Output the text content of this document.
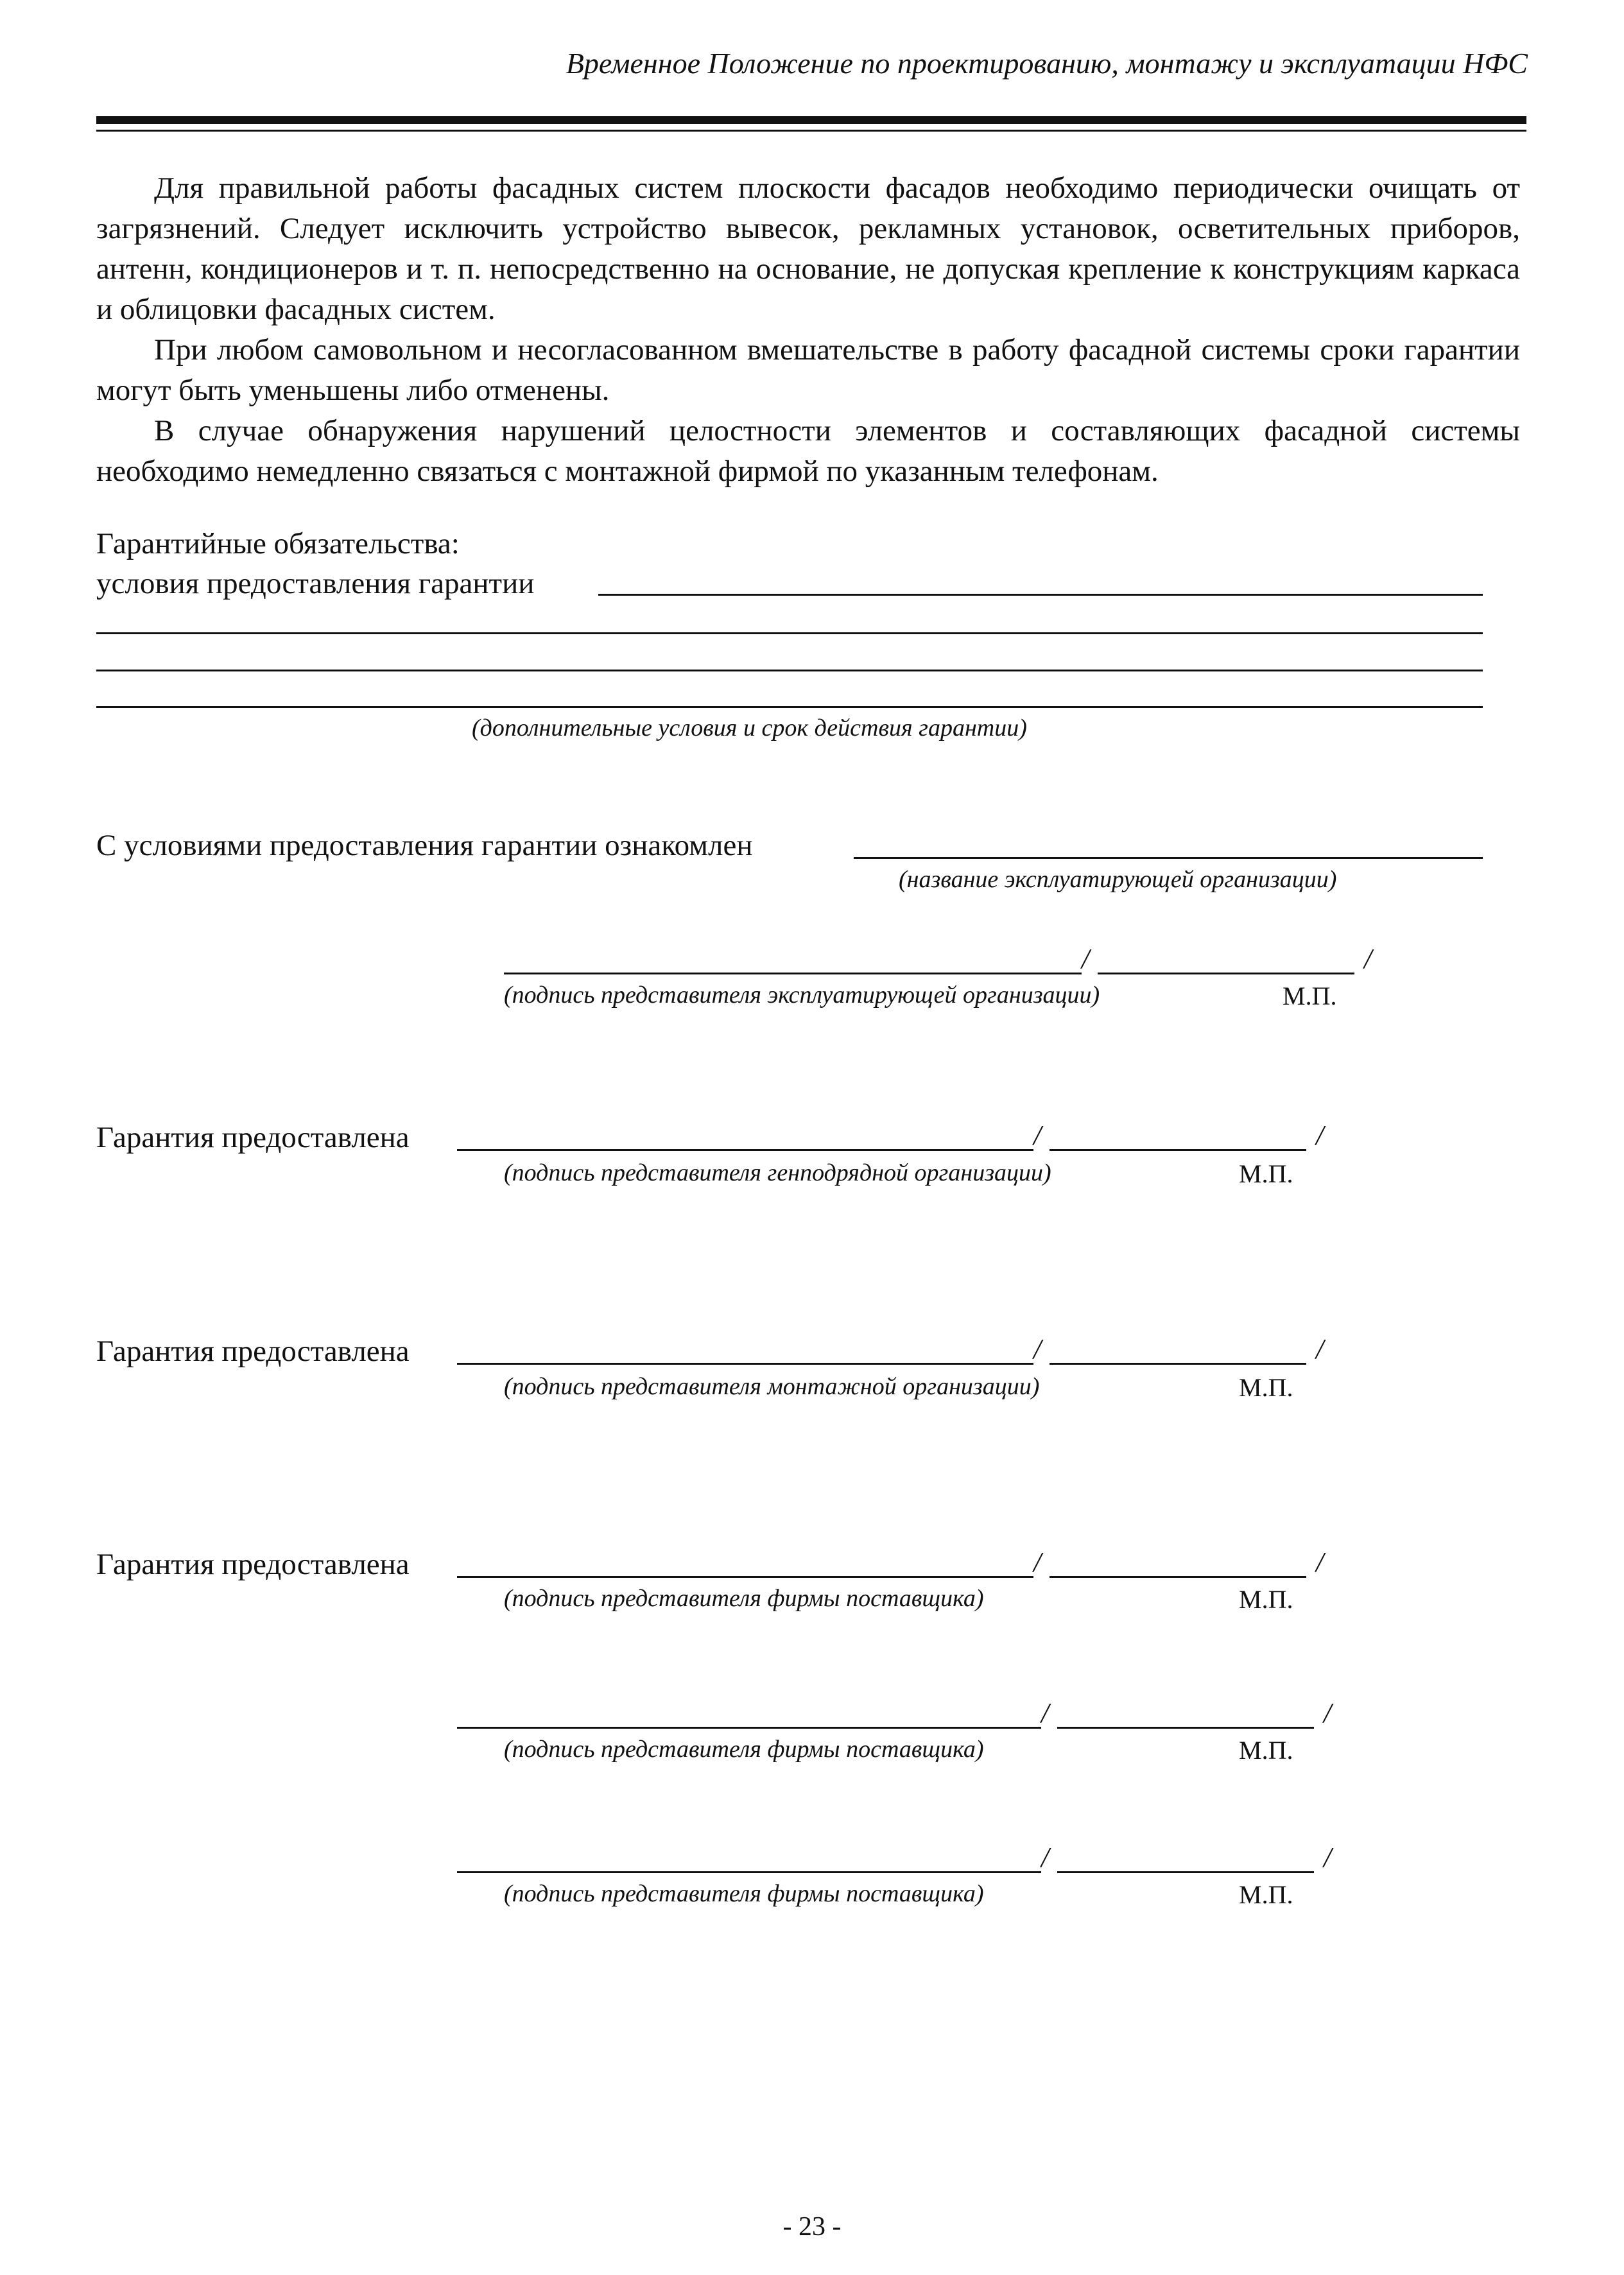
Временное Положение по проектированию, монтажу и эксплуатации НФС
Для правильной работы фасадных систем плоскости фасадов необходимо периодически очищать от загрязнений. Следует исключить устройство вывесок, рекламных установок, осветительных приборов, антенн, кондиционеров и т. п. непосредственно на основание, не допуская крепление к конструкциям каркаса и облицовки фасадных систем.
При любом самовольном и несогласованном вмешательстве в работу фасадной системы сроки гарантии могут быть уменьшены либо отменены.
В случае обнаружения нарушений целостности элементов и составляющих фасадной системы необходимо немедленно связаться с монтажной фирмой по указанным телефонам.
Гарантийные обязательства:
условия предоставления гарантии
(дополнительные условия и срок действия гарантии)
С условиями предоставления гарантии ознакомлен
(название эксплуатирующей организации)
/	/
(подпись представителя эксплуатирующей организации)	М.П.
Гарантия предоставлена	/	/
(подпись представителя генподрядной организации)	М.П.
Гарантия предоставлена	/	/
(подпись представителя монтажной организации)	М.П.
Гарантия предоставлена	/	/
(подпись представителя фирмы поставщика)	М.П.
/	/
(подпись представителя фирмы поставщика)	М.П.
/	/
(подпись представителя фирмы поставщика)	М.П.
- 23 -
